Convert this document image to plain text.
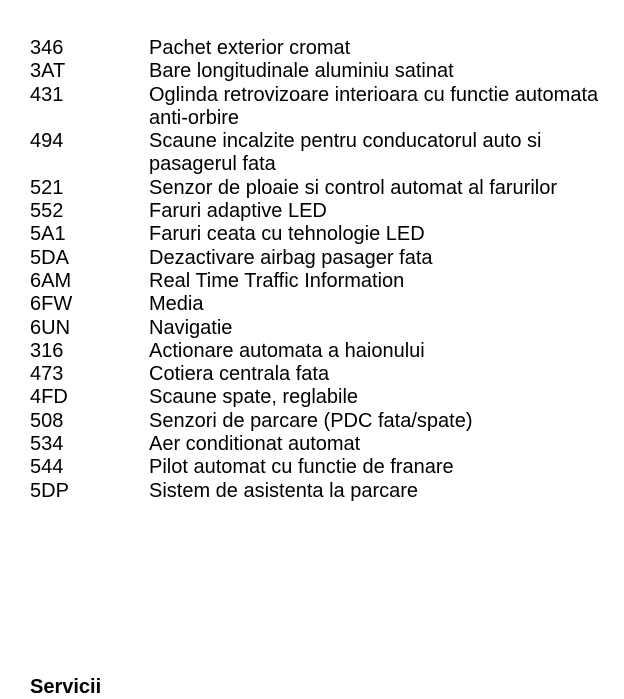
346	Pachet exterior cromat
3AT	Bare longitudinale aluminiu satinat
431	Oglinda retrovizoare interioara cu functie automata anti-orbire
494	Scaune incalzite pentru conducatorul auto si pasagerul fata
521	Senzor de ploaie si control automat al farurilor
552	Faruri adaptive LED
5A1	Faruri ceata cu tehnologie LED
5DA	Dezactivare airbag pasager fata
6AM	Real Time Traffic Information
6FW	Media
6UN	Navigatie
316	Actionare automata a haionului
473	Cotiera centrala fata
4FD	Scaune spate, reglabile
508	Senzori de parcare (PDC fata/spate)
534	Aer conditionat automat
544	Pilot automat cu functie de franare
5DP	Sistem de asistenta la parcare
Servicii
